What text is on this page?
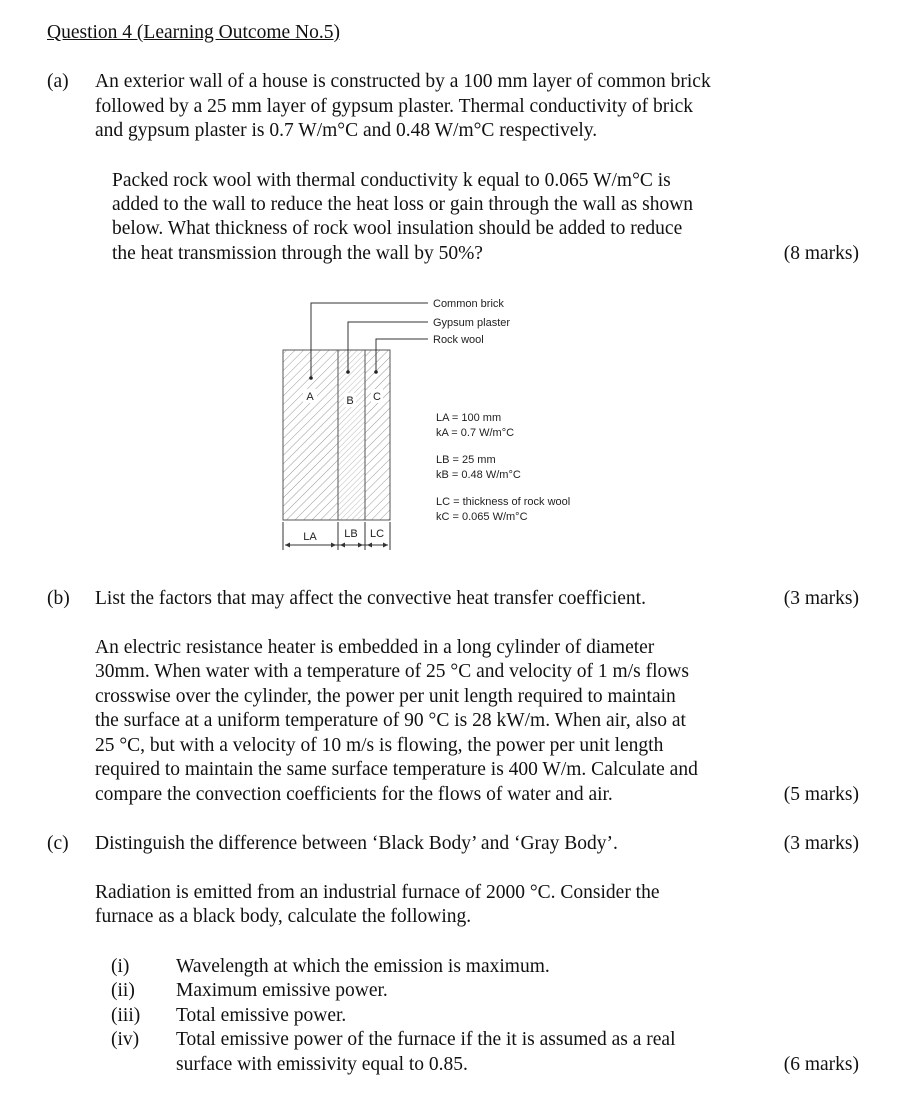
Question 4 (Learning Outcome No.5)
(a) An exterior wall of a house is constructed by a 100 mm layer of common brick
followed by a 25 mm layer of gypsum plaster. Thermal conductivity of brick
and gypsum plaster is 0.7 W/m°C and 0.48 W/m°C respectively.
Packed rock wool with thermal conductivity k equal to 0.065 W/m°C is
added to the wall to reduce the heat loss or gain through the wall as shown
below. What thickness of rock wool insulation should be added to reduce
the heat transmission through the wall by 50%?	(8 marks)
Common brick
Gypsum plaster
Rock wool
A	B C
LA	LB LC
LA = 100 mm
kA = 0.7 W/m°C
LB = 25 mm
kB = 0.48 W/m°C
LC = thickness of rock wool
kC = 0.065 W/m°C
(b) List the factors that may affect the convective heat transfer coefficient.	(3 marks)
An electric resistance heater is embedded in a long cylinder of diameter
30mm. When water with a temperature of 25 °C and velocity of 1 m/s flows
crosswise over the cylinder, the power per unit length required to maintain
the surface at a uniform temperature of 90 °C is 28 kW/m. When air, also at
25 °C, but with a velocity of 10 m/s is flowing, the power per unit length
required to maintain the same surface temperature is 400 W/m. Calculate and
compare the convection coefficients for the flows of water and air.	(5 marks)
(c) Distinguish the difference between ‘Black Body’ and ‘Gray Body’.	(3 marks)
Radiation is emitted from an industrial furnace of 2000 °C. Consider the
furnace as a black body, calculate the following.
(i) Wavelength at which the emission is maximum.
(ii) Maximum emissive power.
(iii) Total emissive power.
(iv) Total emissive power of the furnace if the it is assumed as a real
surface with emissivity equal to 0.85.	(6 marks)
